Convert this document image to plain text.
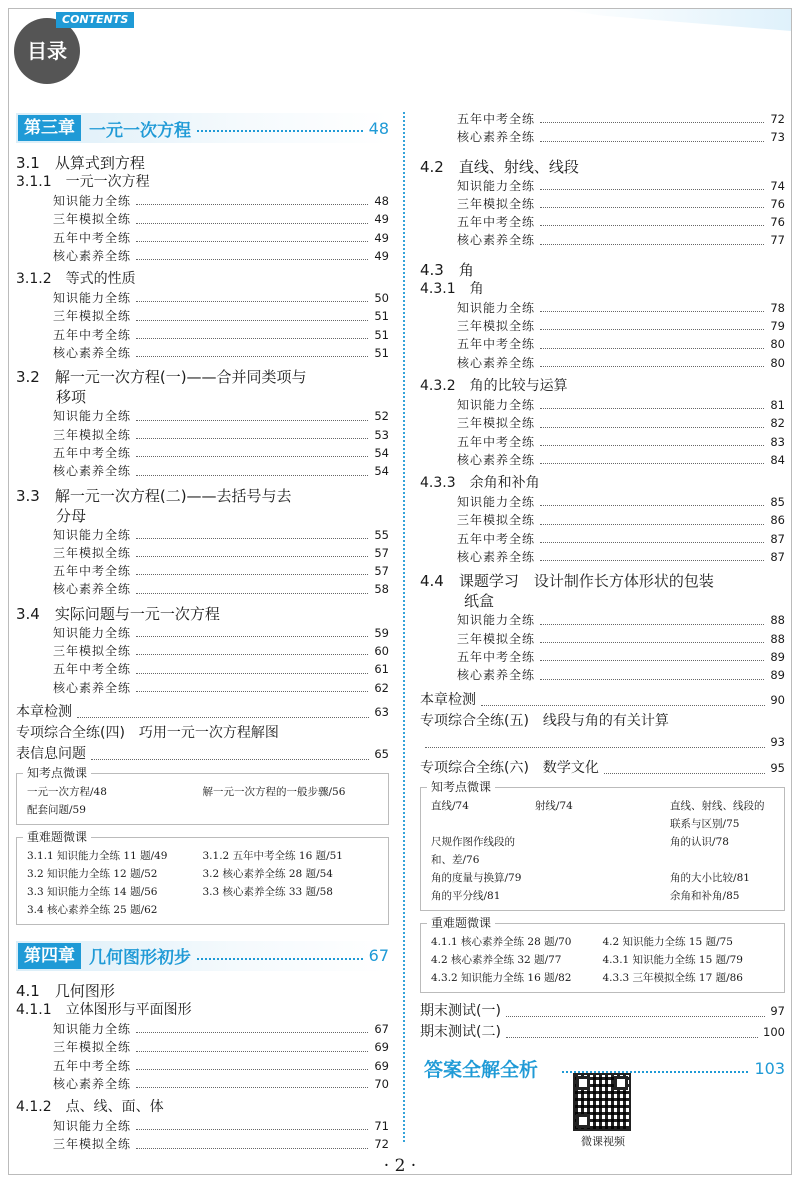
目录
CONTENTS
第三章 一元一次方程	48
3.1　从算式到方程
3.1.1　一元一次方程
知识能力全练	48
三年模拟全练	49
五年中考全练	49
核心素养全练	49
3.1.2　等式的性质
知识能力全练	50
三年模拟全练	51
五年中考全练	51
核心素养全练	51
3.2　解一元一次方程(一)——合并同类项与
移项
知识能力全练	52
三年模拟全练	53
五年中考全练	54
核心素养全练	54
3.3　解一元一次方程(二)——去括号与去
分母
知识能力全练	55
三年模拟全练	57
五年中考全练	57
核心素养全练	58
3.4　实际问题与一元一次方程
知识能力全练	59
三年模拟全练	60
五年中考全练	61
核心素养全练	62
本章检测	63
专项综合全练(四)　巧用一元一次方程解图
表信息问题	65
知考点微课
一元一次方程/48	解一元一次方程的一般步骤/56
配套问题/59
重难题微课
3.1.1 知识能力全练 11 题/49	3.1.2 五年中考全练 16 题/51
3.2 知识能力全练 12 题/52	3.2 核心素养全练 28 题/54
3.3 知识能力全练 14 题/56	3.3 核心素养全练 33 题/58
3.4 核心素养全练 25 题/62
第四章 几何图形初步	67
4.1　几何图形
4.1.1　立体图形与平面图形
知识能力全练	67
三年模拟全练	69
五年中考全练	69
核心素养全练	70
4.1.2　点、线、面、体
知识能力全练	71
三年模拟全练	72
五年中考全练	72
核心素养全练	73
4.2　直线、射线、线段
知识能力全练	74
三年模拟全练	76
五年中考全练	76
核心素养全练	77
4.3　角
4.3.1　角
知识能力全练	78
三年模拟全练	79
五年中考全练	80
核心素养全练	80
4.3.2　角的比较与运算
知识能力全练	81
三年模拟全练	82
五年中考全练	83
核心素养全练	84
4.3.3　余角和补角
知识能力全练	85
三年模拟全练	86
五年中考全练	87
核心素养全练	87
4.4　课题学习　设计制作长方体形状的包装
纸盒
知识能力全练	88
三年模拟全练	88
五年中考全练	89
核心素养全练	89
本章检测	90
专项综合全练(五)　线段与角的有关计算
93
专项综合全练(六)　数学文化	95
知考点微课
直线/74	射线/74	直线、射线、线段的联系与区别/75
尺规作图作线段的和、差/76
角的认识/78
角的度量与换算/79	角的大小比较/81
角的平分线/81	余角和补角/85
重难题微课
4.1.1 核心素养全练 28 题/70	4.2 知识能力全练 15 题/75
4.2 核心素养全练 32 题/77	4.3.1 知识能力全练 15 题/79
4.3.2 知识能力全练 16 题/82	4.3.3 三年模拟全练 17 题/86
期末测试(一)	97
期末测试(二)	100
答案全解全析	103
微课视频
· 2 ·
